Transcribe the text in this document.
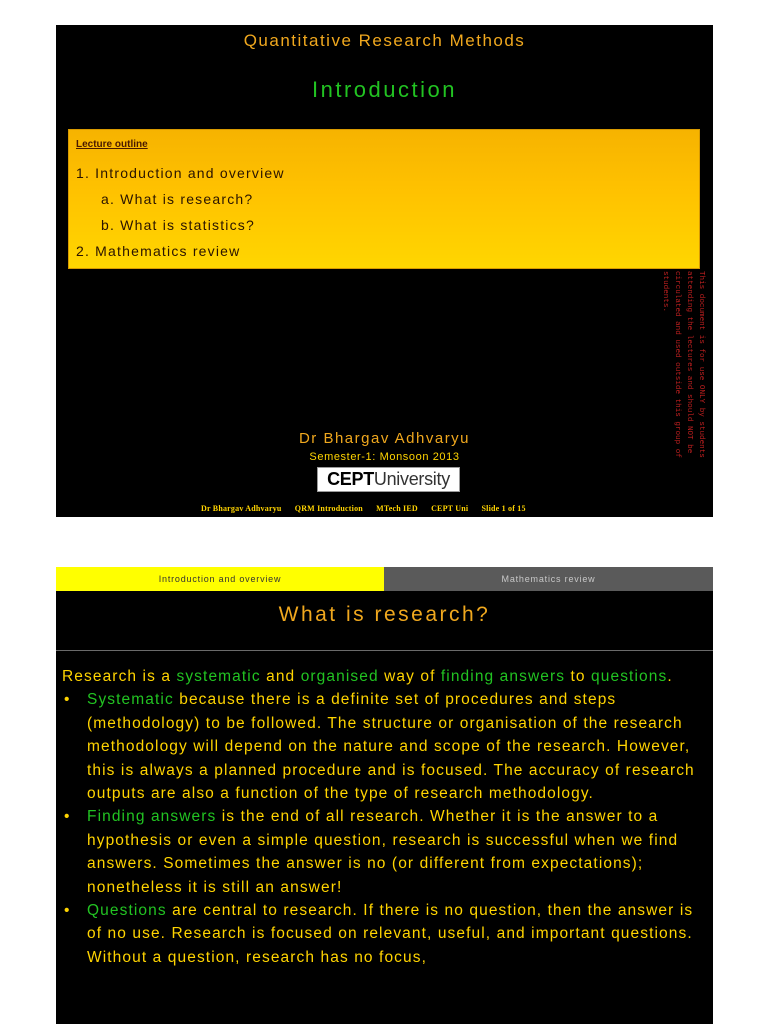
Quantitative Research Methods
Introduction
Lecture outline
1. Introduction and overview
a. What is research?
b. What is statistics?
2. Mathematics review
This document is for use ONLY by students
attending the lectures and should NOT be
circulated and used outside this group of
students.
Dr Bhargav Adhvaryu
Semester-1: Monsoon 2013
CEPT University
Dr Bhargav Adhvaryu QRM Introduction MTech IED CEPT Uni Slide 1 of 15
Introduction and overview	Mathematics review
What is research?

Research is a systematic and organised way of finding answers to questions.

• Systematic because there is a definite set of procedures and steps (methodology) to be followed. The structure or organisation of the research methodology will depend on the nature and scope of the research. However, this is always a planned procedure and is focused. The accuracy of research outputs are also a function of the type of research methodology.

• Finding answers is the end of all research. Whether it is the answer to a hypothesis or even a simple question, research is successful when we find answers. Sometimes the answer is no (or different from expectations); nonetheless it is still an answer!

• Questions are central to research. If there is no question, then the answer is of no use. Research is focused on relevant, useful, and important questions. Without a question, research has no focus,
